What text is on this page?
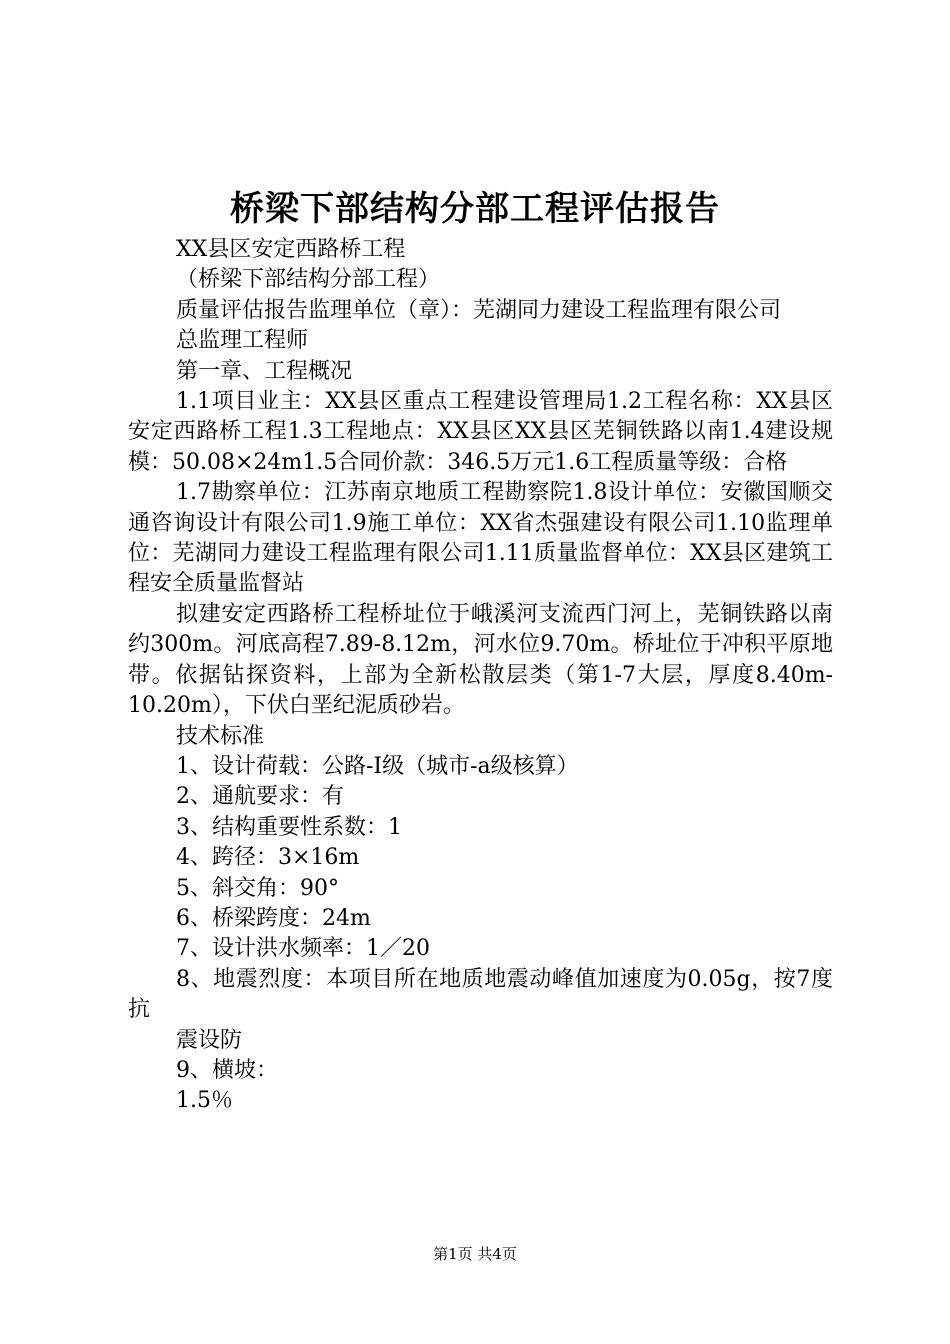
桥梁下部结构分部工程评估报告

XX县区安定西路桥工程

（桥梁下部结构分部工程）

质量评估报告监理单位（章）：芜湖同力建设工程监理有限公司

总监理工程师

第一章、工程概况

1.1项目业主：XX县区重点工程建设管理局1.2工程名称：XX县区安定西路桥工程1.3工程地点：XX县区XX县区芜铜铁路以南1.4建设规模：50.08×24m1.5合同价款：346.5万元1.6工程质量等级：合格

1.7勘察单位：江苏南京地质工程勘察院1.8设计单位：安徽国顺交通咨询设计有限公司1.9施工单位：XX省杰强建设有限公司1.10监理单位：芜湖同力建设工程监理有限公司1.11质量监督单位：XX县区建筑工程安全质量监督站

拟建安定西路桥工程桥址位于峨溪河支流西门河上，芜铜铁路以南约300m。河底高程7.89-8.12m，河水位9.70m。桥址位于冲积平原地带。依据钻探资料，上部为全新松散层类（第1-7大层，厚度8.40m-10.20m），下伏白垩纪泥质砂岩。

技术标准

1、设计荷载：公路-Ⅰ级（城市-a级核算）

2、通航要求：有

3、结构重要性系数：1

4、跨径：3×16m

5、斜交角：90°

6、桥梁跨度：24m

7、设计洪水频率：1／20

8、地震烈度：本项目所在地质地震动峰值加速度为0.05g，按7度抗

震设防

9、横坡：

1.5％

第1页 共4页
